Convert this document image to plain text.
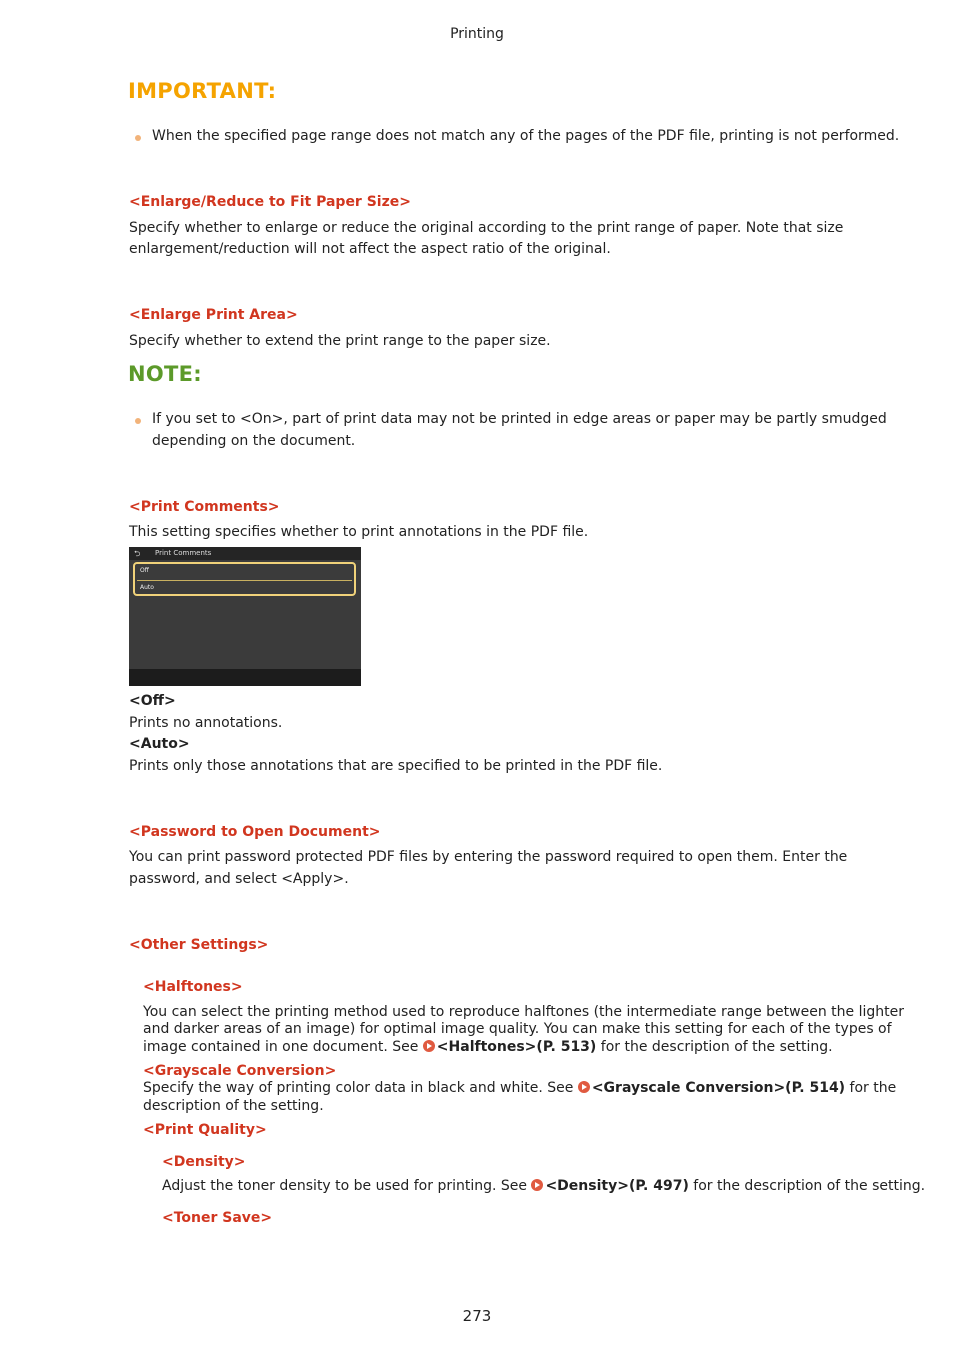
Printing
IMPORTANT:
When the specified page range does not match any of the pages of the PDF file, printing is not performed.
<Enlarge/Reduce to Fit Paper Size>
Specify whether to enlarge or reduce the original according to the print range of paper. Note that size
enlargement/reduction will not affect the aspect ratio of the original.
<Enlarge Print Area>
Specify whether to extend the print range to the paper size.
NOTE:
If you set to <On>, part of print data may not be printed in edge areas or paper may be partly smudged
depending on the document.
<Print Comments>
This setting specifies whether to print annotations in the PDF file.
⮌ Print Comments
Off
Auto
<Off>
Prints no annotations.
<Auto>
Prints only those annotations that are specified to be printed in the PDF file.
<Password to Open Document>
You can print password protected PDF files by entering the password required to open them. Enter the
password, and select <Apply>.
<Other Settings>
<Halftones>
You can select the printing method used to reproduce halftones (the intermediate range between the lighter
and darker areas of an image) for optimal image quality. You can make this setting for each of the types of
image contained in one document. See <Halftones>(P. 513) for the description of the setting.
<Grayscale Conversion>
Specify the way of printing color data in black and white. See <Grayscale Conversion>(P. 514) for the
description of the setting.
<Print Quality>
<Density>
Adjust the toner density to be used for printing. See <Density>(P. 497) for the description of the setting.
<Toner Save>
273
